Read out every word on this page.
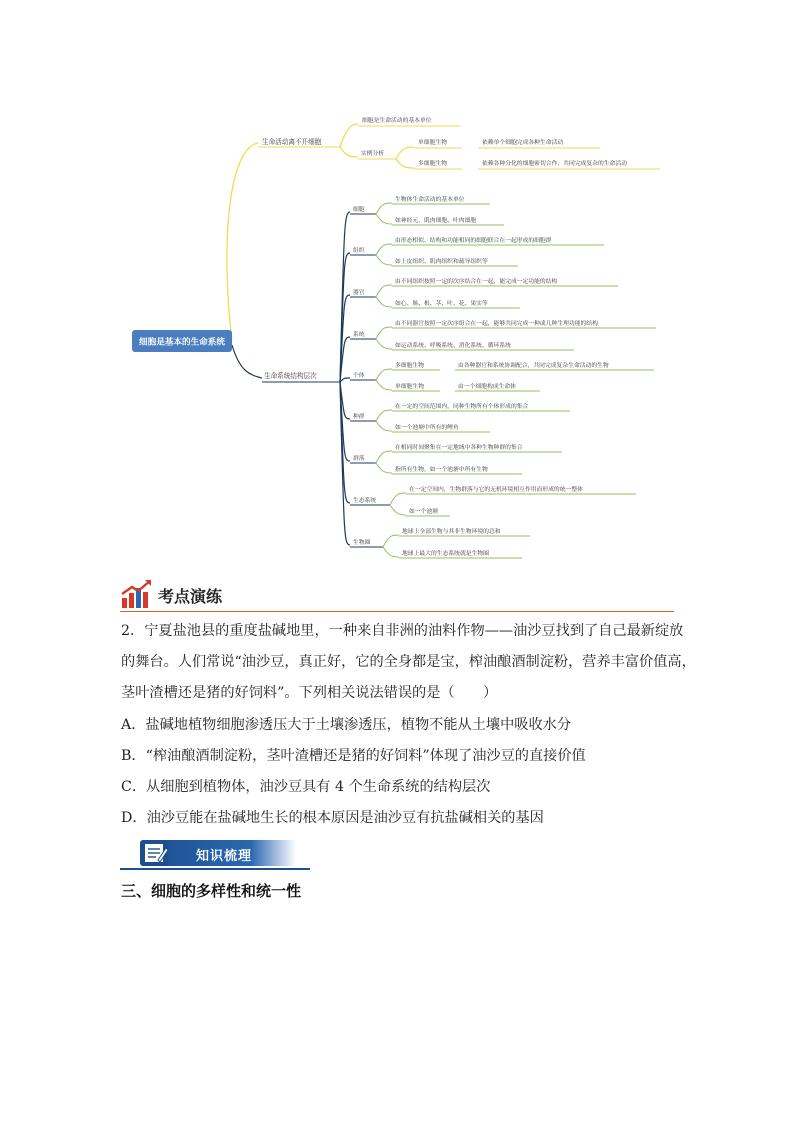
细胞是基本的生命系统
生命活动离不开细胞
细胞是生命活动的基本单位
实例分析
单细胞生物	依赖单个细胞完成各种生命活动
多细胞生物	依赖各种分化的细胞密切合作，共同完成复杂的生命活动
生命系统结构层次
细胞
生物体生命活动的基本单位
如神经元、肌肉细胞、叶肉细胞
组织
由形态相似、结构和功能相同的细胞联合在一起形成的细胞群
如上皮组织、肌肉组织和疏导组织等
器官
由不同组织按照一定的次序结合在一起，能完成一定功能的结构
如心、肠、根、茎、叶、花、果实等
系统
由不同器官按照一定次序组合在一起，能够共同完成一种或几种生理功能的结构
如运动系统、呼吸系统、消化系统、循环系统
个体
多细胞生物	由各种器官和系统协调配合，共同完成复杂生命活动的生物
单细胞生物	由一个细胞构成生命体
种群
在一定的空间范围内，同种生物所有个体形成的集合
如一个池塘中所有的鲤鱼
群落
在相同时间聚集在一定地域中各种生物种群的集合
指所有生物，如一个池塘中所有生物
生态系统
在一定空间内，生物群落与它的无机环境相互作用而形成的统一整体
如一个池塘
生物圈
地球上全部生物与其非生物环境的总和
地球上最大的生态系统就是生物圈
考点演练
2．宁夏盐池县的重度盐碱地里，一种来自非洲的油料作物——油沙豆找到了自己最新绽放
的舞台。人们常说“油沙豆，真正好，它的全身都是宝，榨油酿酒制淀粉，营养丰富价值高，
茎叶渣槽还是猪的好饲料”。下列相关说法错误的是（　　）
A．盐碱地植物细胞渗透压大于土壤渗透压，植物不能从土壤中吸收水分
B．“榨油酿酒制淀粉，茎叶渣槽还是猪的好饲料”体现了油沙豆的直接价值
C．从细胞到植物体，油沙豆具有 4 个生命系统的结构层次
D．油沙豆能在盐碱地生长的根本原因是油沙豆有抗盐碱相关的基因
知识梳理
三、细胞的多样性和统一性
